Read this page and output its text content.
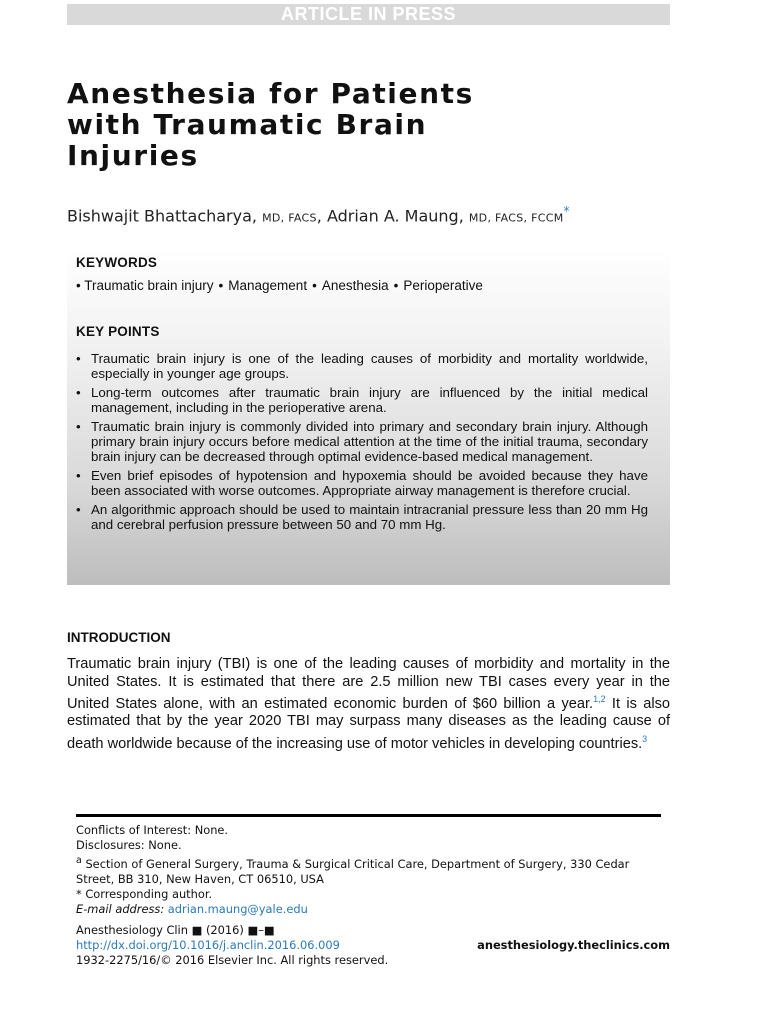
ARTICLE IN PRESS
Anesthesia for Patients with Traumatic Brain Injuries
Bishwajit Bhattacharya, MD, FACS, Adrian A. Maung, MD, FACS, FCCM*
KEYWORDS
• Traumatic brain injury • Management • Anesthesia • Perioperative
KEY POINTS
• Traumatic brain injury is one of the leading causes of morbidity and mortality worldwide, especially in younger age groups.
• Long-term outcomes after traumatic brain injury are influenced by the initial medical management, including in the perioperative arena.
• Traumatic brain injury is commonly divided into primary and secondary brain injury. Although primary brain injury occurs before medical attention at the time of the initial trauma, secondary brain injury can be decreased through optimal evidence-based medical management.
• Even brief episodes of hypotension and hypoxemia should be avoided because they have been associated with worse outcomes. Appropriate airway management is therefore crucial.
• An algorithmic approach should be used to maintain intracranial pressure less than 20 mm Hg and cerebral perfusion pressure between 50 and 70 mm Hg.
INTRODUCTION

Traumatic brain injury (TBI) is one of the leading causes of morbidity and mortality in the United States. It is estimated that there are 2.5 million new TBI cases every year in the United States alone, with an estimated economic burden of $60 billion a year.$^{1,2}$ It is also estimated that by the year 2020 TBI may surpass many diseases as the leading cause of death worldwide because of the increasing use of motor vehicles in developing countries.$^3$

Conflicts of Interest: None.

Disclosures: None.

$^a$ Section of General Surgery, Trauma & Surgical Critical Care, Department of Surgery, 330 Cedar Street, BB 310, New Haven, CT 06510, USA

* Corresponding author.

E-mail address: adrian.maung@yale.edu

Anesthesiology Clin ■ (2016) ■–■

http://dx.doi.org/10.1016/j.anclin.2016.06.009	anesthesiology.theclinics.com

1932-2275/16/© 2016 Elsevier Inc. All rights reserved.
